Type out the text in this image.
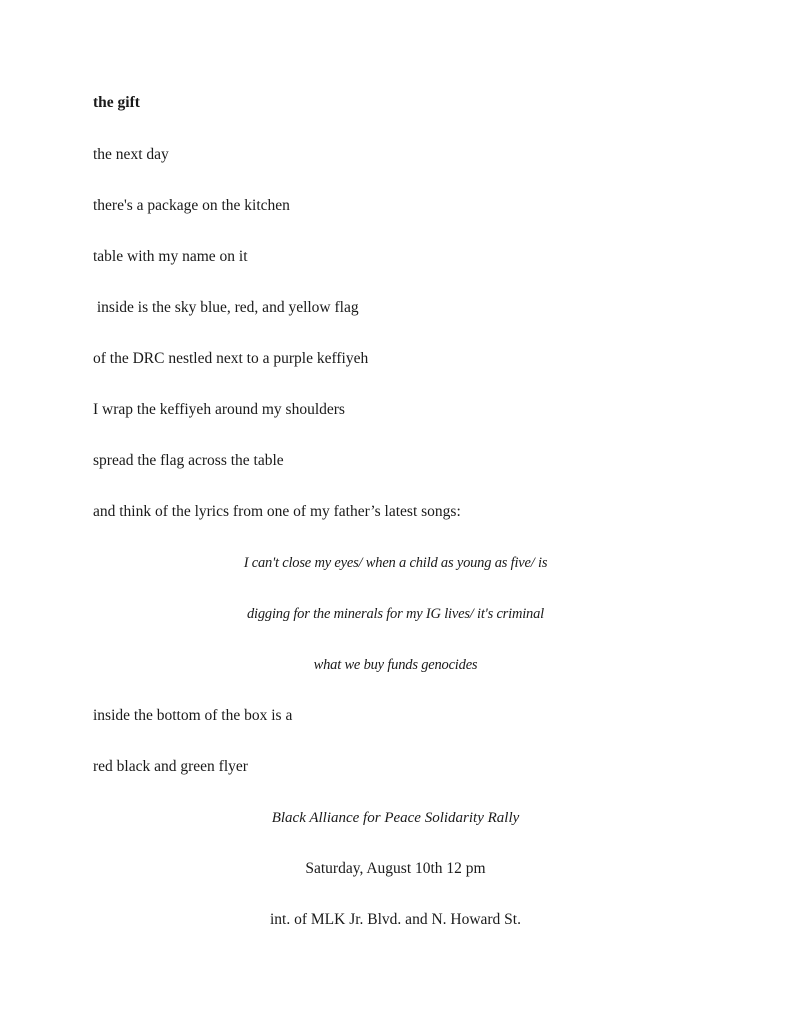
the gift

the next day

there's a package on the kitchen

table with my name on it

inside is the sky blue, red, and yellow flag

of the DRC nestled next to a purple keffiyeh

I wrap the keffiyeh around my shoulders

spread the flag across the table

and think of the lyrics from one of my father’s latest songs:

I can't close my eyes/ when a child as young as five/ is

digging for the minerals for my IG lives/ it's criminal

what we buy funds genocides

inside the bottom of the box is a

red black and green flyer

Black Alliance for Peace Solidarity Rally

Saturday, August 10th 12 pm

int. of MLK Jr. Blvd. and N. Howard St.
